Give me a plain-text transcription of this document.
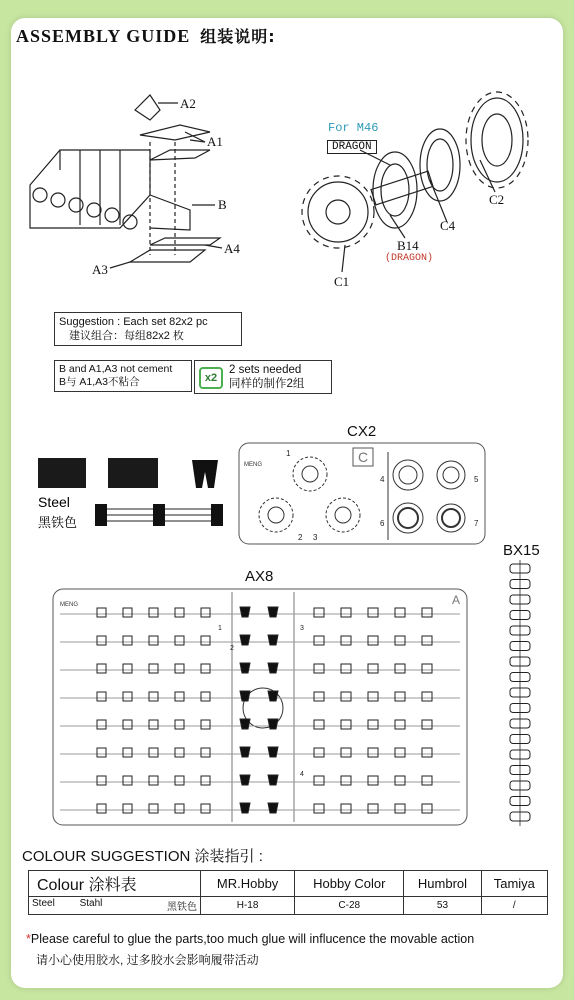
ASSEMBLY GUIDE 组装说明:
A2
A1
B
A4
A3
For M46
DRAGON
C2
C4
B14
(DRAGON)
C1
Suggestion : Each set 82x2 pc
建议组合：每组82x2 枚
B and A1,A3 not cement
B与 A1,A3不粘合	x2
2 sets needed
同样的制作2组
Steel
黑铁色
CX2
MENG	C
1
2 3
4	5
6	7
AX8
A
MENG
1
2
3
4
BX15
COLOUR SUGGESTION 涂装指引 :
Colour 涂料表	MR.Hobby	Hobby Color	Humbrol	Tamiya
Steel Stahl 黑铁色	H-18	C-28	53	/
*Please careful to glue the parts,too much glue will influcence the movable action
请小心使用胶水, 过多胶水会影响履带活动
